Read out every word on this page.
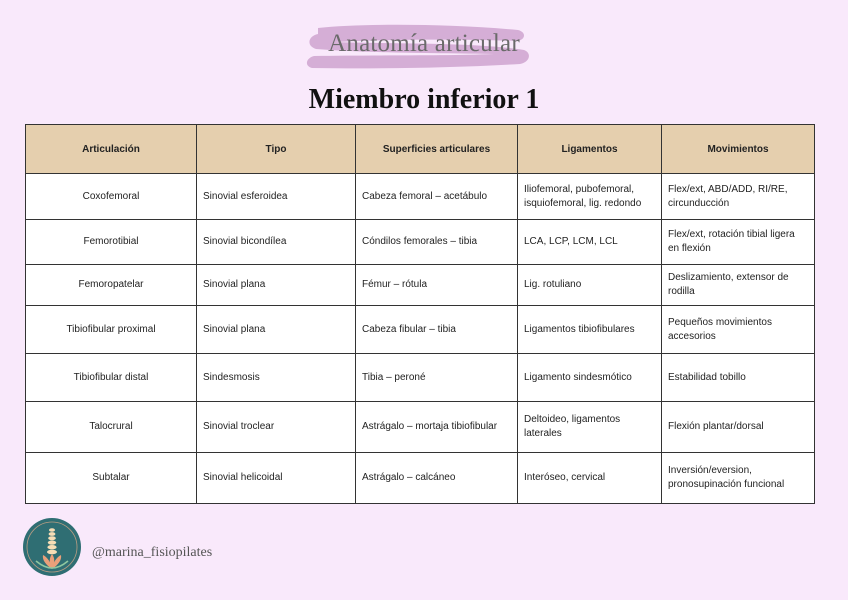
Anatomía articular
Miembro inferior 1
Articulación	Tipo	Superficies articulares	Ligamentos	Movimientos
Coxofemoral	Sinovial esferoidea	Cabeza femoral – acetábulo	Iliofemoral, pubofemoral, isquiofemoral, lig. redondo	Flex/ext, ABD/ADD, RI/RE, circunducción
Femorotibial	Sinovial bicondílea	Cóndilos femorales – tibia	LCA, LCP, LCM, LCL	Flex/ext, rotación tibial ligera en flexión
Femoropatelar	Sinovial plana	Fémur – rótula	Lig. rotuliano	Deslizamiento, extensor de rodilla
Tibiofibular proximal	Sinovial plana	Cabeza fibular – tibia	Ligamentos tibiofibulares	Pequeños movimientos accesorios
Tibiofibular distal	Sindesmosis	Tibia – peroné	Ligamento sindesmótico	Estabilidad tobillo
Talocrural	Sinovial troclear	Astrágalo – mortaja tibiofibular	Deltoideo, ligamentos laterales	Flexión plantar/dorsal
Subtalar	Sinovial helicoidal	Astrágalo – calcáneo	Interóseo, cervical	Inversión/eversion, pronosupinación funcional
@marina_fisiopilates
